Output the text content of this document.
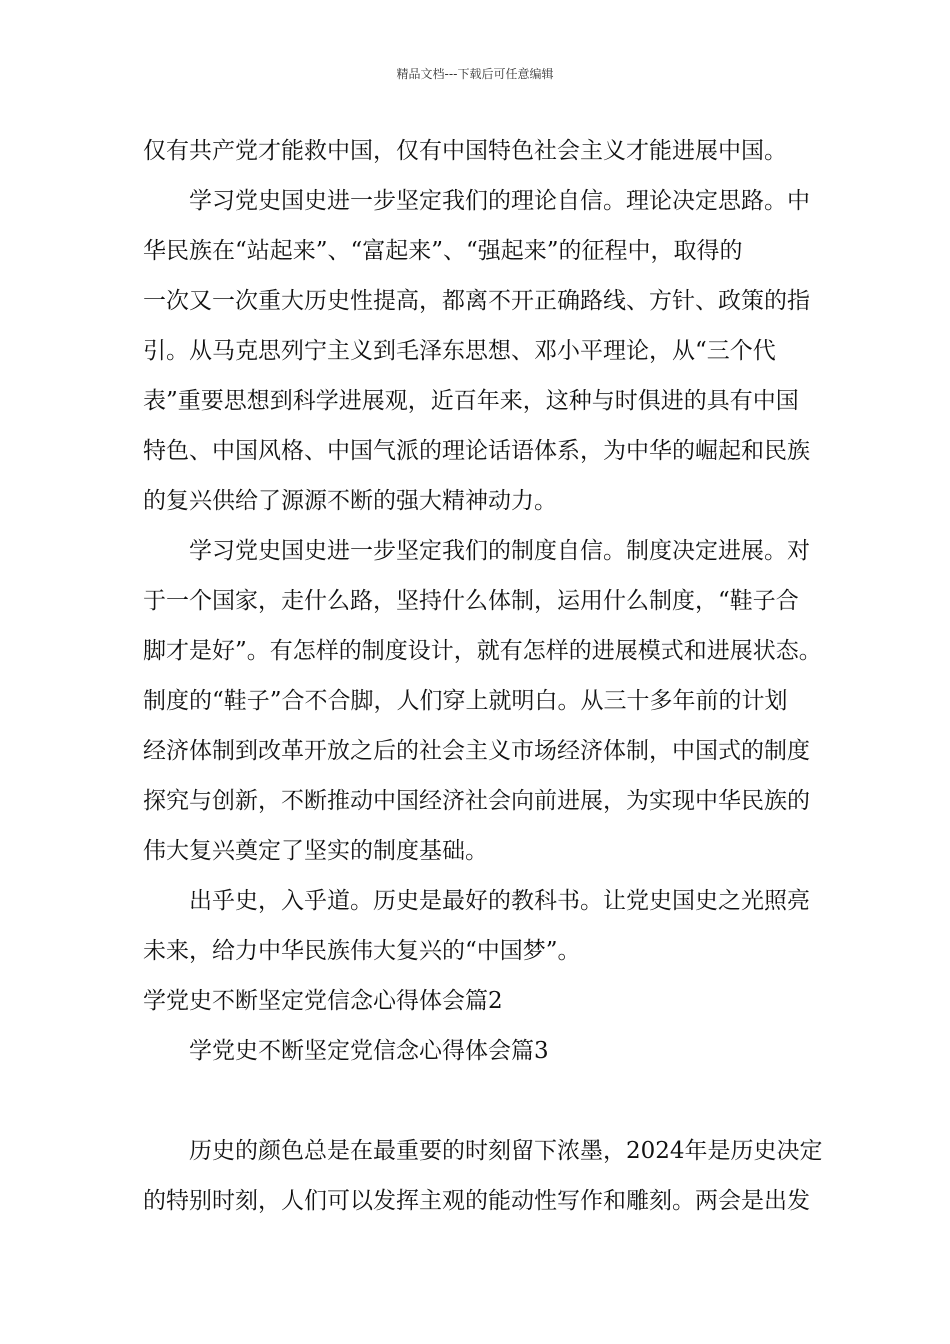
精品文档---下载后可任意编辑
仅有共产党才能救中国，仅有中国特色社会主义才能进展中国。
学习党史国史进一步坚定我们的理论自信。理论决定思路。中
华民族在“站起来”、“富起来”、“强起来”的征程中，取得的
一次又一次重大历史性提高，都离不开正确路线、方针、政策的指
引。从马克思列宁主义到毛泽东思想、邓小平理论，从“三个代
表”重要思想到科学进展观，近百年来，这种与时俱进的具有中国
特色、中国风格、中国气派的理论话语体系，为中华的崛起和民族
的复兴供给了源源不断的强大精神动力。
学习党史国史进一步坚定我们的制度自信。制度决定进展。对
于一个国家，走什么路，坚持什么体制，运用什么制度，“鞋子合
脚才是好”。有怎样的制度设计，就有怎样的进展模式和进展状态。
制度的“鞋子”合不合脚，人们穿上就明白。从三十多年前的计划
经济体制到改革开放之后的社会主义市场经济体制，中国式的制度
探究与创新，不断推动中国经济社会向前进展，为实现中华民族的
伟大复兴奠定了坚实的制度基础。
出乎史，入乎道。历史是最好的教科书。让党史国史之光照亮
未来，给力中华民族伟大复兴的“中国梦”。
学党史不断坚定党信念心得体会篇2
学党史不断坚定党信念心得体会篇3
历史的颜色总是在最重要的时刻留下浓墨，2024年是历史决定
的特别时刻，人们可以发挥主观的能动性写作和雕刻。两会是出发
